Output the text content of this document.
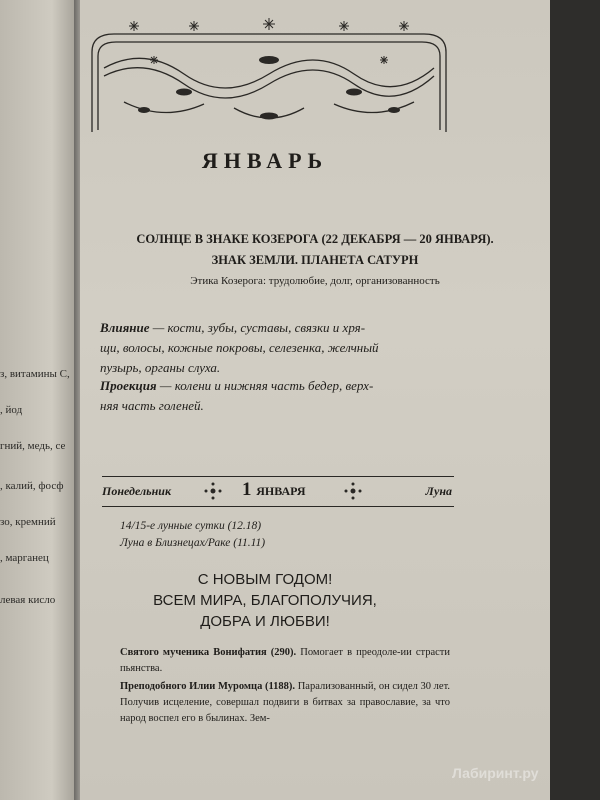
з, витамины С,
, йод
гний, медь, се
, калий, фосф
зо, кремний
, марганец
левая кисло
ЯНВАРЬ
СОЛНЦЕ В ЗНАКЕ КОЗЕРОГА (22 ДЕКАБРЯ — 20 ЯНВАРЯ).
ЗНАК ЗЕМЛИ. ПЛАНЕТА САТУРН
Этика Козерога: трудолюбие, долг, организованность
Влияние — кости, зубы, суставы, связки и хря-
щи, волосы, кожные покровы, селезенка, желчный
пузырь, органы слуха.
Проекция — колени и нижняя часть бедер, верх-
няя часть голеней.
Понедельник	1 ЯНВАРЯ	Луна
14/15-е лунные сутки (12.18)
Луна в Близнецах/Раке (11.11)
С НОВЫМ ГОДОМ!
ВСЕМ МИРА, БЛАГОПОЛУЧИЯ,
ДОБРА И ЛЮБВИ!
Святого мученика Вонифатия (290). Помогает в преодоле-ии страсти пьянства.
Преподобного Илии Муромца (1188). Парализованный, он сидел 30 лет. Получив исцеление, совершал подвиги в битвах за православие, за что народ воспел его в былинах. Зем-
Лабиринт.ру
